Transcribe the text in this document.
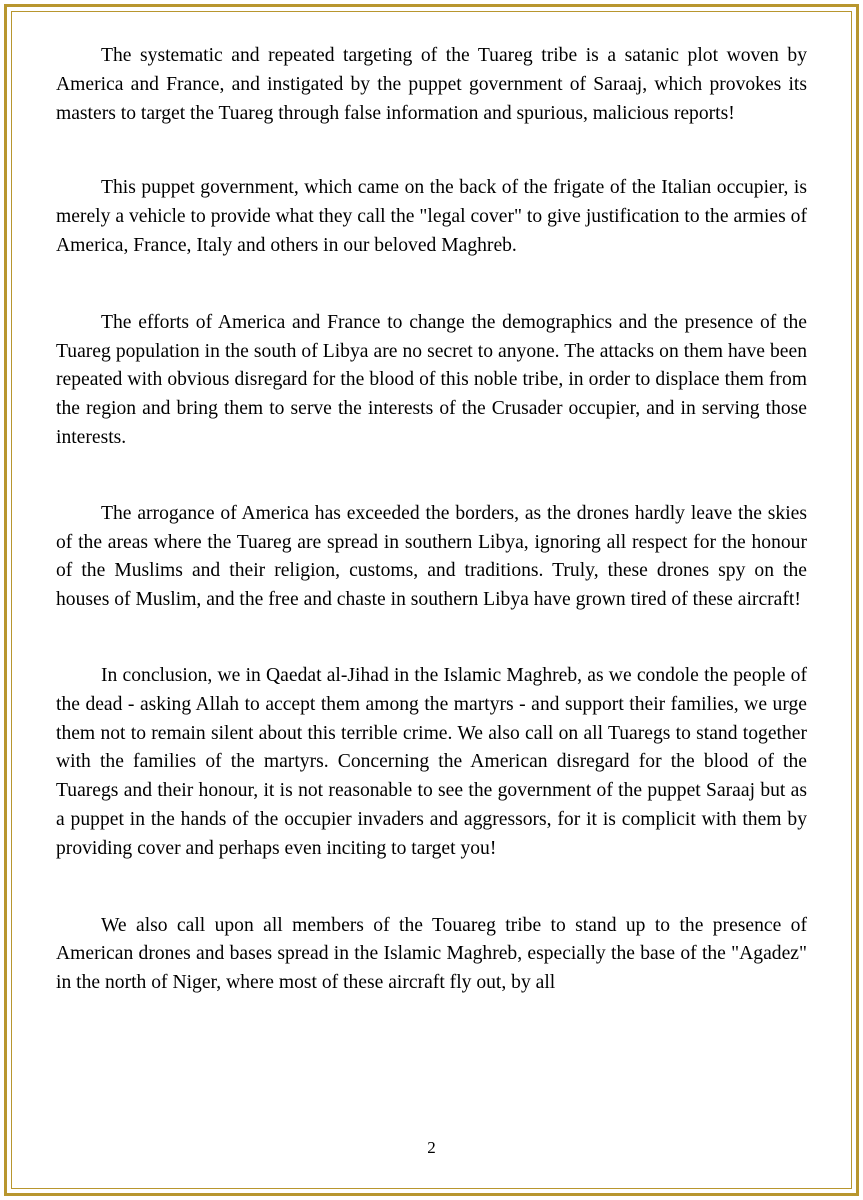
The systematic and repeated targeting of the Tuareg tribe is a satanic plot woven by America and France, and instigated by the puppet government of Saraaj, which provokes its masters to target the Tuareg through false information and spurious, malicious reports!

This puppet government, which came on the back of the frigate of the Italian occupier, is merely a vehicle to provide what they call the "legal cover" to give justification to the armies of America, France, Italy and others in our beloved Maghreb.

The efforts of America and France to change the demographics and the presence of the Tuareg population in the south of Libya are no secret to anyone. The attacks on them have been repeated with obvious disregard for the blood of this noble tribe, in order to displace them from the region and bring them to serve the interests of the Crusader occupier, and in serving those interests.

The arrogance of America has exceeded the borders, as the drones hardly leave the skies of the areas where the Tuareg are spread in southern Libya, ignoring all respect for the honour of the Muslims and their religion, customs, and traditions. Truly, these drones spy on the houses of Muslim, and the free and chaste in southern Libya have grown tired of these aircraft!

In conclusion, we in Qaedat al-Jihad in the Islamic Maghreb, as we condole the people of the dead - asking Allah to accept them among the martyrs - and support their families, we urge them not to remain silent about this terrible crime. We also call on all Tuaregs to stand together with the families of the martyrs. Concerning the American disregard for the blood of the Tuaregs and their honour, it is not reasonable to see the government of the puppet Saraaj but as a puppet in the hands of the occupier invaders and aggressors, for it is complicit with them by providing cover and perhaps even inciting to target you!

We also call upon all members of the Touareg tribe to stand up to the presence of American drones and bases spread in the Islamic Maghreb, especially the base of the "Agadez" in the north of Niger, where most of these aircraft fly out, by all

2
